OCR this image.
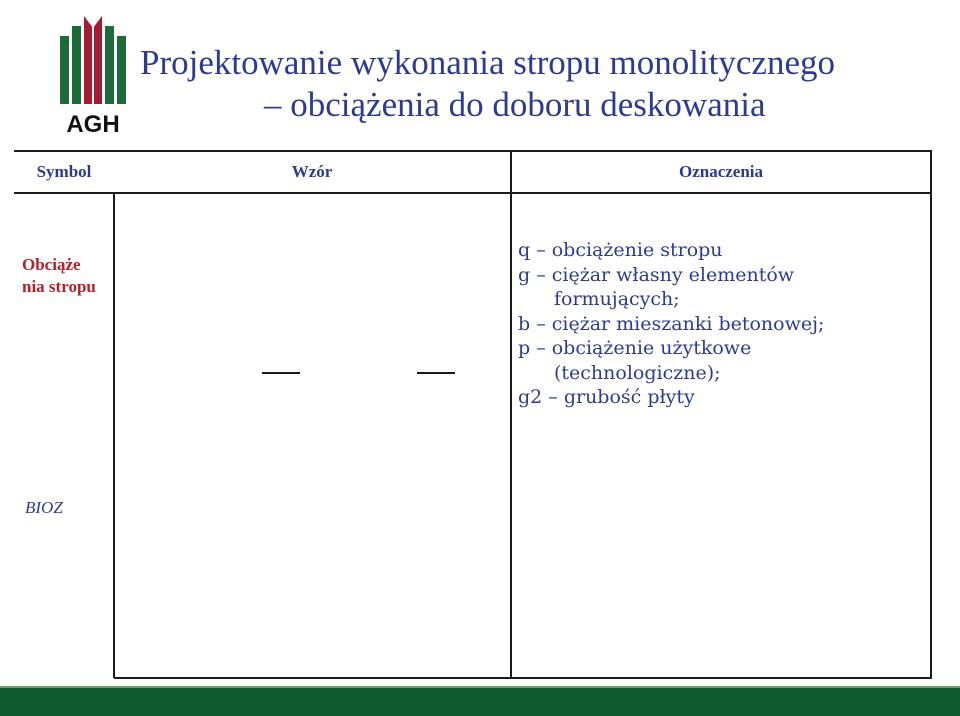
AGH
Projektowanie wykonania stropu monolitycznego
– obciążenia do doboru deskowania
Symbol	Wzór	Oznaczenia
Obciąże nia stropu
BIOZ
q – obciążenie stropu
g – ciężar własny elementów
formujących;
b – ciężar mieszanki betonowej;
p – obciążenie użytkowe
(technologiczne);
g2 – grubość płyty
